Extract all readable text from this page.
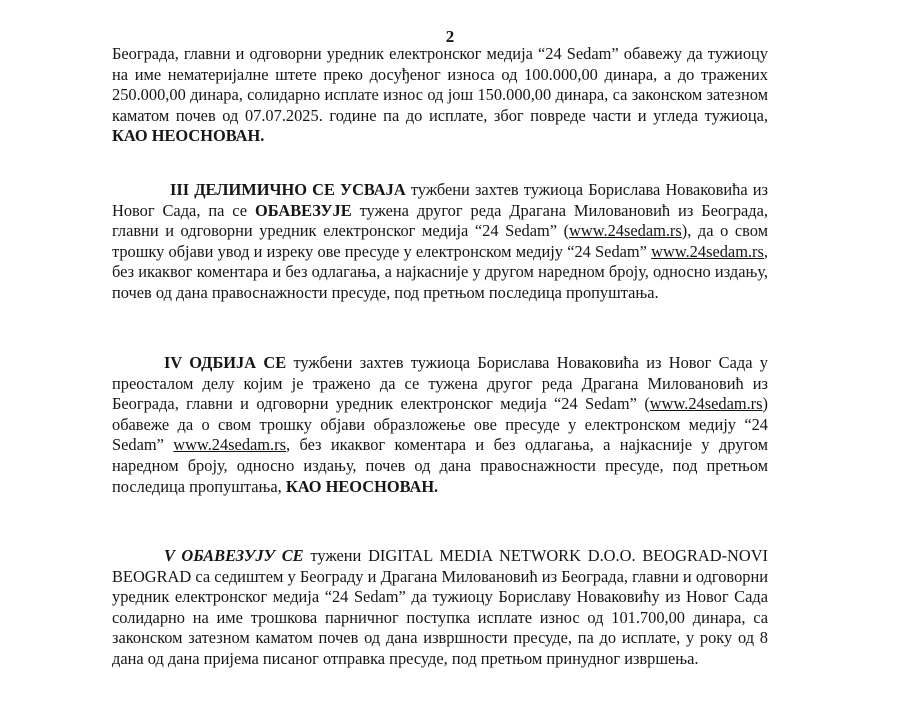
2

Београда, главни и одговорни уредник електронског медија “24 Sedam” обавежу да тужиоцу на име нематеријалне штете преко досуђеног износа од 100.000,00 динара, а до тражених 250.000,00 динара, солидарно исплате износ од још 150.000,00 динара, са законском затезном каматом почев од 07.07.2025. године па до исплате, због повреде части и угледа тужиоца, КАО НЕОСНОВАН.

III ДЕЛИМИЧНО СЕ УСВАЈА тужбени захтев тужиоца Борислава Новаковића из Новог Сада, па се ОБАВЕЗУЈЕ тужена другог реда Драгана Миловановић из Београда, главни и одговорни уредник електронског медија “24 Sedam” (www.24sedam.rs), да о свом трошку објави увод и изреку ове пресуде у електронском медију “24 Sedam” www.24sedam.rs, без икаквог коментара и без одлагања, а најкасније у другом наредном броју, односно издању, почев од дана правоснажности пресуде, под претњом последица пропуштања.

IV ОДБИЈА СЕ тужбени захтев тужиоца Борислава Новаковића из Новог Сада у преосталом делу којим је тражено да се тужена другог реда Драгана Миловановић из Београда, главни и одговорни уредник електронског медија “24 Sedam” (www.24sedam.rs) обавеже да о свом трошку објави образложење ове пресуде у електронском медију “24 Sedam” www.24sedam.rs, без икаквог коментара и без одлагања, а најкасније у другом наредном броју, односно издању, почев од дана правоснажности пресуде, под претњом последица пропуштања, КАО НЕОСНОВАН.

V ОБАВЕЗУЈУ СЕ тужени DIGITAL MEDIA NETWORK D.O.O. BEOGRAD-NOVI BEOGRAD са седиштем у Београду и Драгана Миловановић из Београда, главни и одговорни уредник електронског медија “24 Sedam” да тужиоцу Бориславу Новаковићу из Новог Сада солидарно на име трошкова парничног поступка исплате износ од 101.700,00 динара, са законском затезном каматом почев од дана извршности пресуде, па до исплате, у року од 8 дана од дана пријема писаног отправка пресуде, под претњом принудног извршења.
